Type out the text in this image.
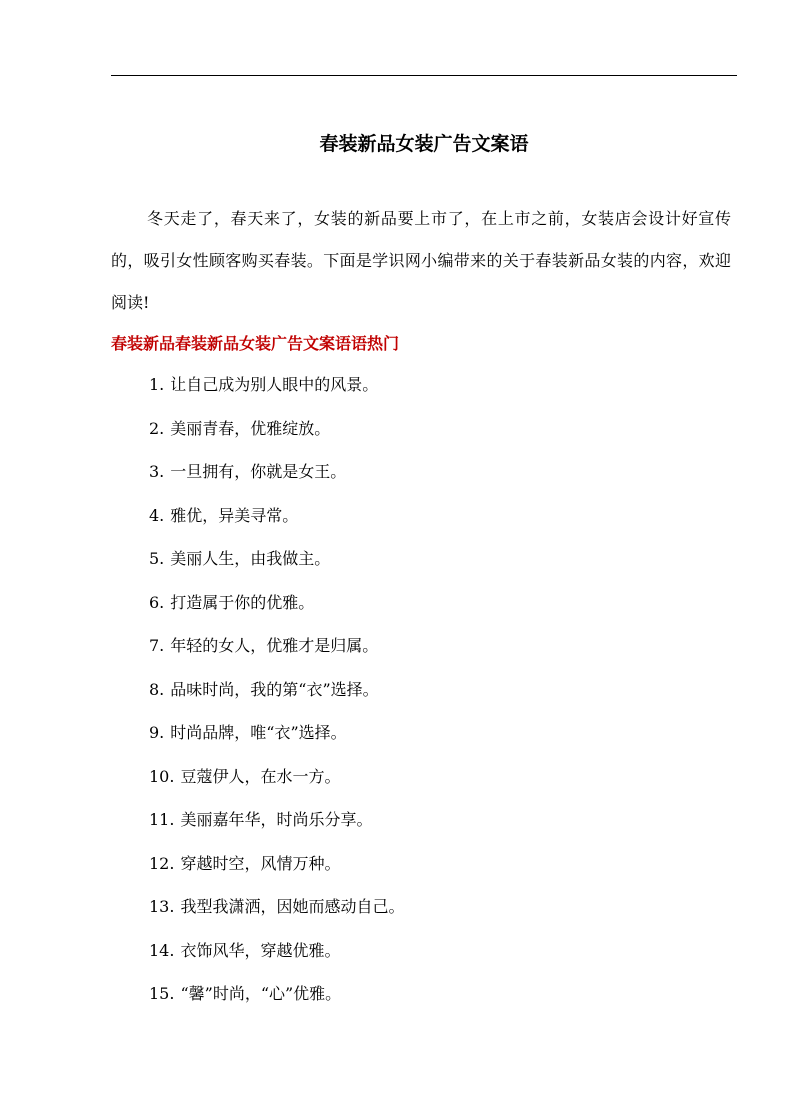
春装新品女装广告文案语

冬天走了，春天来了，女装的新品要上市了，在上市之前，女装店会设计好宣传的，吸引女性顾客购买春装。下面是学识网小编带来的关于春装新品女装的内容，欢迎阅读!

春装新品春装新品女装广告文案语语热门
1. 让自己成为别人眼中的风景。
2. 美丽青春，优雅绽放。
3. 一旦拥有，你就是女王。
4. 雅优，异美寻常。
5. 美丽人生，由我做主。
6. 打造属于你的优雅。
7. 年轻的女人，优雅才是归属。
8. 品味时尚，我的第“衣”选择。
9. 时尚品牌，唯“衣”选择。
10. 豆蔻伊人，在水一方。
11. 美丽嘉年华，时尚乐分享。
12. 穿越时空，风情万种。
13. 我型我潇洒，因她而感动自己。
14. 衣饰风华，穿越优雅。
15. “馨”时尚，“心”优雅。
